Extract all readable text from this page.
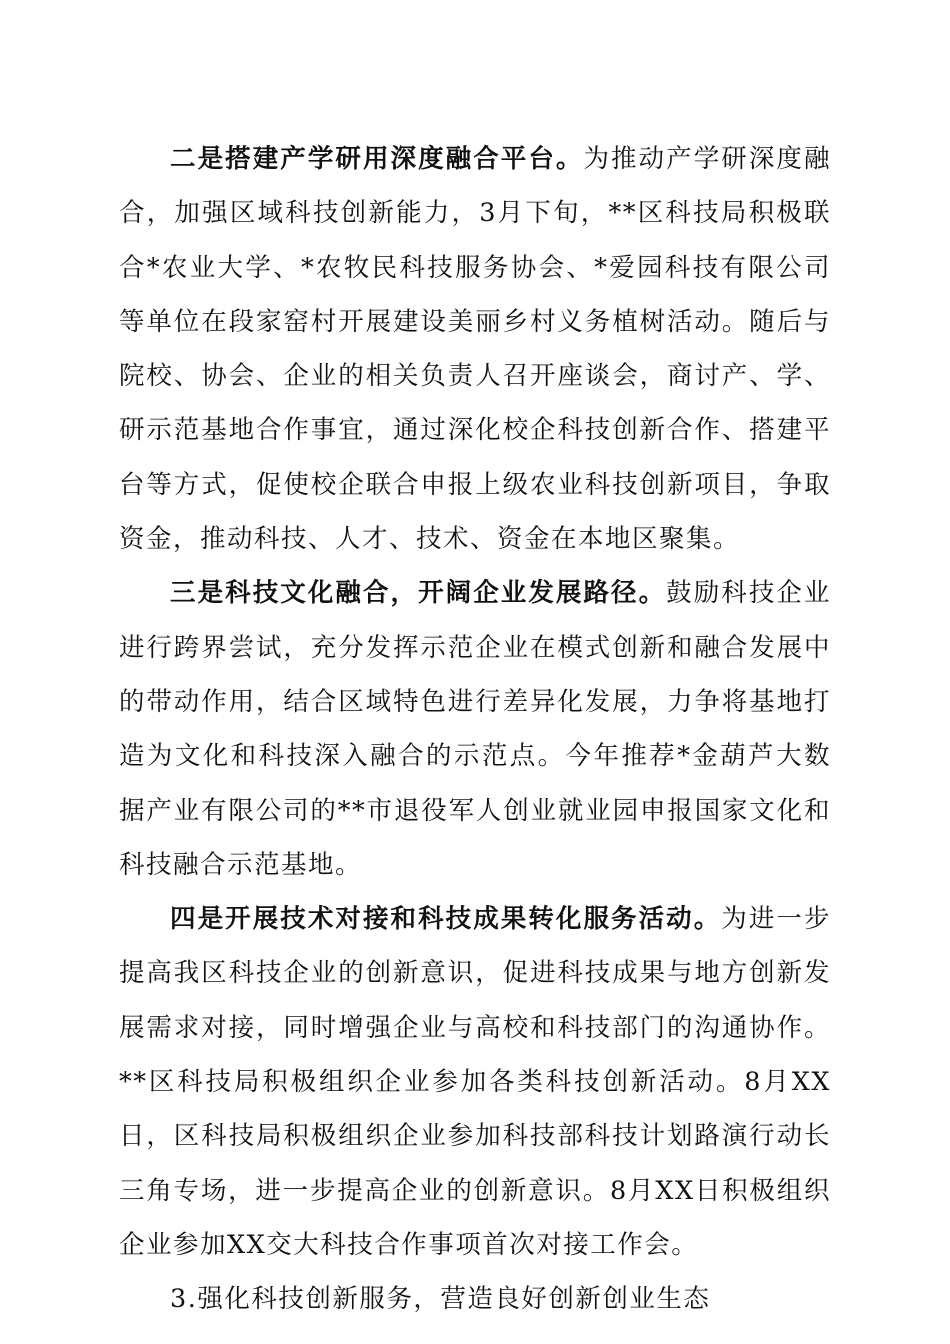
二是搭建产学研用深度融合平台。为推动产学研深度融合，加强区域科技创新能力，3月下旬，**区科技局积极联合*农业大学、*农牧民科技服务协会、*爱园科技有限公司等单位在段家窑村开展建设美丽乡村义务植树活动。随后与院校、协会、企业的相关负责人召开座谈会，商讨产、学、研示范基地合作事宜，通过深化校企科技创新合作、搭建平台等方式，促使校企联合申报上级农业科技创新项目，争取资金，推动科技、人才、技术、资金在本地区聚集。

三是科技文化融合，开阔企业发展路径。鼓励科技企业进行跨界尝试，充分发挥示范企业在模式创新和融合发展中的带动作用，结合区域特色进行差异化发展，力争将基地打造为文化和科技深入融合的示范点。今年推荐*金葫芦大数据产业有限公司的**市退役军人创业就业园申报国家文化和科技融合示范基地。

四是开展技术对接和科技成果转化服务活动。为进一步提高我区科技企业的创新意识，促进科技成果与地方创新发展需求对接，同时增强企业与高校和科技部门的沟通协作。**区科技局积极组织企业参加各类科技创新活动。8月XX日，区科技局积极组织企业参加科技部科技计划路演行动长三角专场，进一步提高企业的创新意识。8月XX日积极组织企业参加XX交大科技合作事项首次对接工作会。

3.强化科技创新服务，营造良好创新创业生态
